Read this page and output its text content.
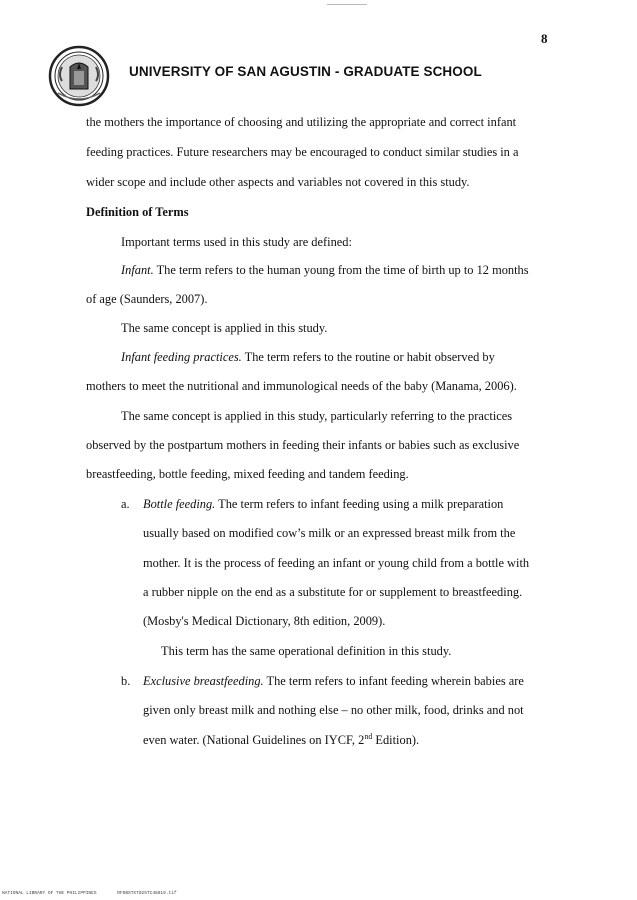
8
UNIVERSITY OF SAN AGUSTIN - GRADUATE SCHOOL
the mothers the importance of choosing and utilizing the appropriate and correct infant
feeding practices. Future researchers may be encouraged to conduct similar studies in a
wider scope and include other aspects and variables not covered in this study.
Definition of Terms
Important terms used in this study are defined:
Infant. The term refers to the human young from the time of birth up to 12 months
of age (Saunders, 2007).
The same concept is applied in this study.
Infant feeding practices. The term refers to the routine or habit observed by
mothers to meet the nutritional and immunological needs of the baby (Manama, 2006).
The same concept is applied in this study, particularly referring to the practices
observed by the postpartum mothers in feeding their infants or babies such as exclusive
breastfeeding, bottle feeding, mixed feeding and tandem feeding.
a. Bottle feeding. The term refers to infant feeding using a milk preparation
usually based on modified cow’s milk or an expressed breast milk from the
mother. It is the process of feeding an infant or young child from a bottle with
a rubber nipple on the end as a substitute for or supplement to breastfeeding.
(Mosby's Medical Dictionary, 8th edition, 2009).
This term has the same operational definition in this study.
b. Exclusive breastfeeding. The term refers to infant feeding wherein babies are
given only breast milk and nothing else – no other milk, food, drinks and not
even water. (National Guidelines on IYCF, 2nd Edition).
NATIONAL LIBRARY OF THE PHILIPPINES	RFDBSTXT025TC48819.tif
